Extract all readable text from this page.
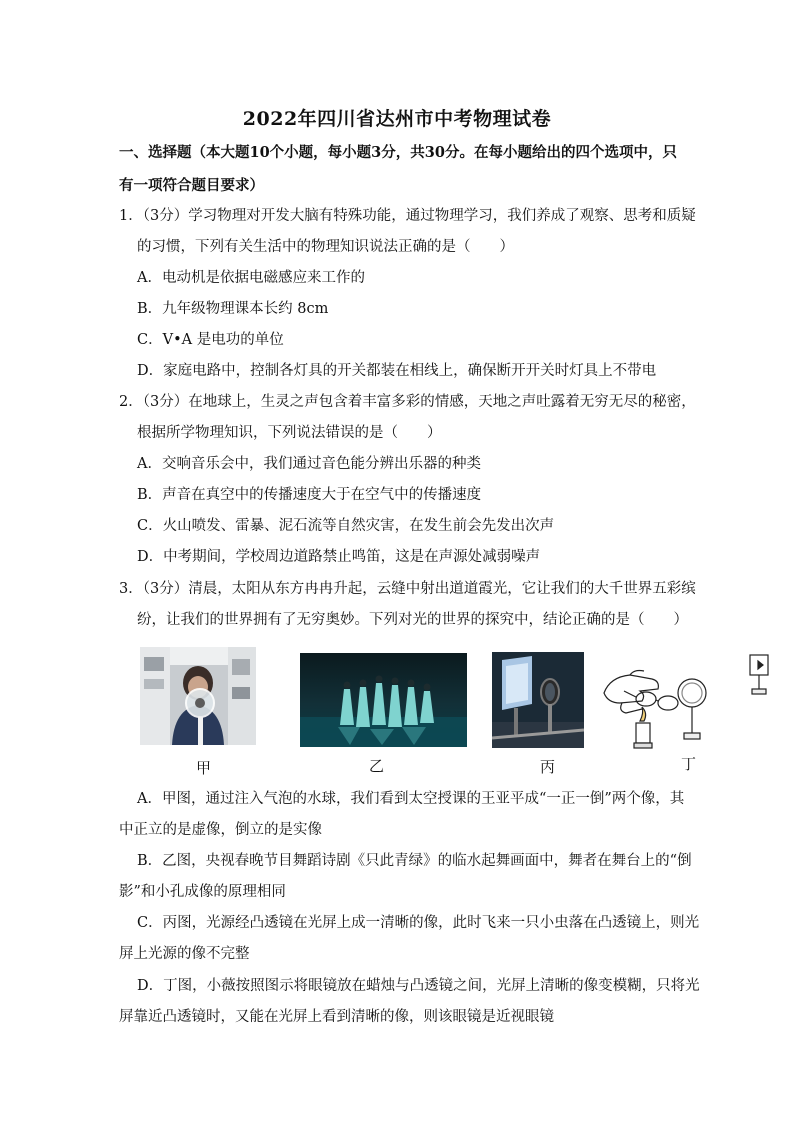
2022年四川省达州市中考物理试卷
一、选择题（本大题10个小题，每小题3分，共30分。在每小题给出的四个选项中，只
有一项符合题目要求）
1．（3分）学习物理对开发大脑有特殊功能，通过物理学习，我们养成了观察、思考和质疑
的习惯，下列有关生活中的物理知识说法正确的是（　　）
A．电动机是依据电磁感应来工作的
B．九年级物理课本长约 8cm
C．V•A 是电功的单位
D．家庭电路中，控制各灯具的开关都装在相线上，确保断开开关时灯具上不带电
2．（3分）在地球上，生灵之声包含着丰富多彩的情感，天地之声吐露着无穷无尽的秘密，
根据所学物理知识，下列说法错误的是（　　）
A．交响音乐会中，我们通过音色能分辨出乐器的种类
B．声音在真空中的传播速度大于在空气中的传播速度
C．火山喷发、雷暴、泥石流等自然灾害，在发生前会先发出次声
D．中考期间，学校周边道路禁止鸣笛，这是在声源处减弱噪声
3．（3分）清晨，太阳从东方冉冉升起，云缝中射出道道霞光，它让我们的大千世界五彩缤
纷，让我们的世界拥有了无穷奥妙。下列对光的世界的探究中，结论正确的是（　　）
甲	乙	丙	丁
A．甲图，通过注入气泡的水球，我们看到太空授课的王亚平成“一正一倒”两个像，其
中正立的是虚像，倒立的是实像
B．乙图，央视春晚节目舞蹈诗剧《只此青绿》的临水起舞画面中，舞者在舞台上的“倒
影”和小孔成像的原理相同
C．丙图，光源经凸透镜在光屏上成一清晰的像，此时飞来一只小虫落在凸透镜上，则光
屏上光源的像不完整
D．丁图，小薇按照图示将眼镜放在蜡烛与凸透镜之间，光屏上清晰的像变模糊，只将光
屏靠近凸透镜时，又能在光屏上看到清晰的像，则该眼镜是近视眼镜
